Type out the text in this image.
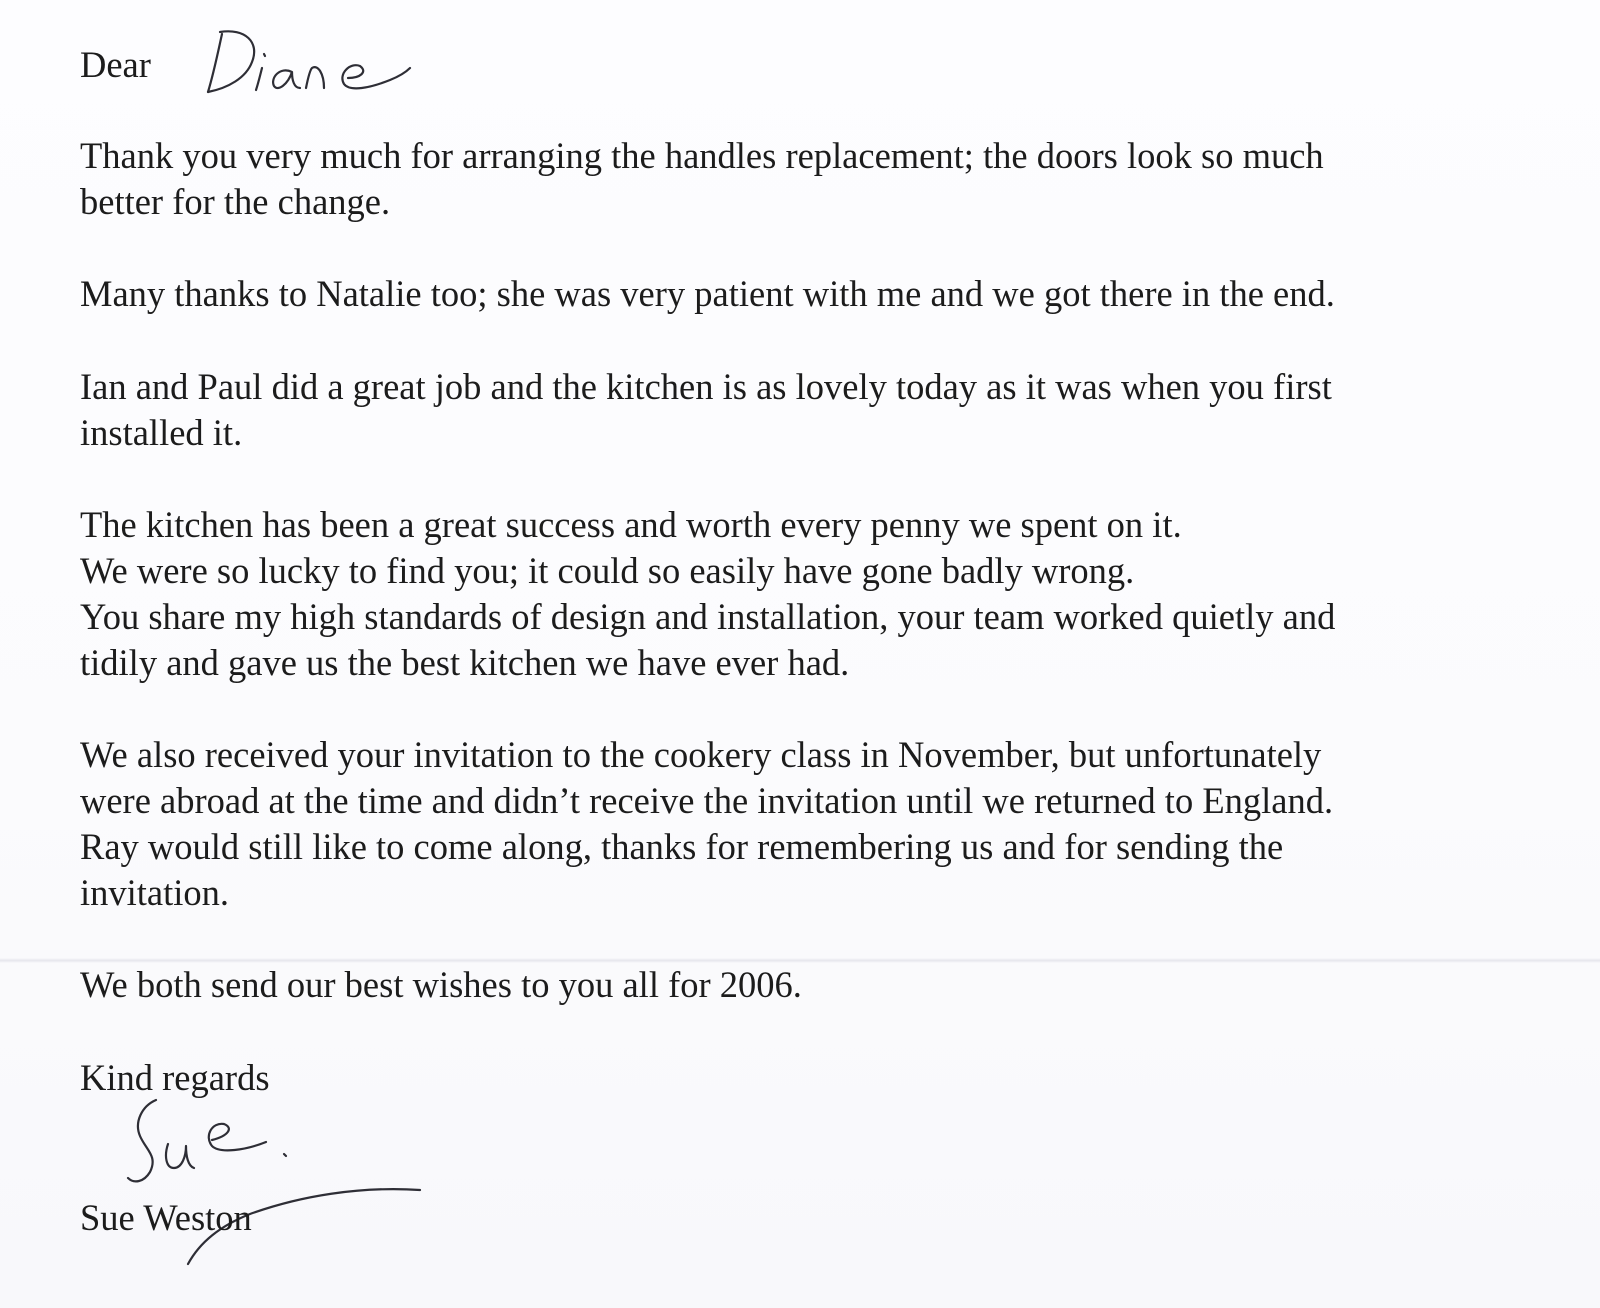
Dear
Thank you very much for arranging the handles replacement; the doors look so much
better for the change.
Many thanks to Natalie too; she was very patient with me and we got there in the end.
Ian and Paul did a great job and the kitchen is as lovely today as it was when you first
installed it.
The kitchen has been a great success and worth every penny we spent on it.
We were so lucky to find you; it could so easily have gone badly wrong.
You share my high standards of design and installation, your team worked quietly and
tidily and gave us the best kitchen we have ever had.
We also received your invitation to the cookery class in November, but unfortunately
were abroad at the time and didn’t receive the invitation until we returned to England.
Ray would still like to come along, thanks for remembering us and for sending the
invitation.
We both send our best wishes to you all for 2006.
Kind regards
Sue Weston
